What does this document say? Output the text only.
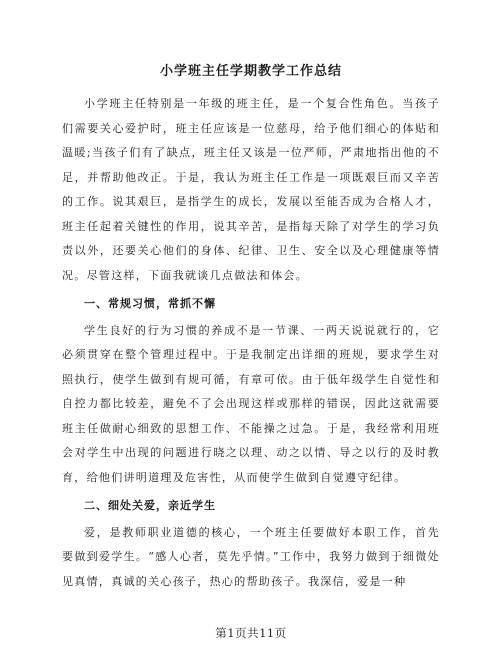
小学班主任学期教学工作总结

小学班主任特别是一年级的班主任，是一个复合性角色。当孩子们需要关心爱护时，班主任应该是一位慈母，给予他们细心的体贴和温暖;当孩子们有了缺点，班主任又该是一位严师，严肃地指出他的不足，并帮助他改正。于是，我认为班主任工作是一项既艰巨而又辛苦的工作。说其艰巨，是指学生的成长，发展以至能否成为合格人才，班主任起着关键性的作用，说其辛苦，是指每天除了对学生的学习负责以外，还要关心他们的身体、纪律、卫生、安全以及心理健康等情况。尽管这样，下面我就谈几点做法和体会。

一、常规习惯，常抓不懈

学生良好的行为习惯的养成不是一节课、一两天说说就行的，它必须贯穿在整个管理过程中。于是我制定出详细的班规，要求学生对照执行，使学生做到有规可循，有章可依。由于低年级学生自觉性和自控力都比较差，避免不了会出现这样或那样的错误，因此这就需要班主任做耐心细致的思想工作、不能操之过急。于是，我经常利用班会对学生中出现的问题进行晓之以理、动之以情、导之以行的及时教育，给他们讲明道理及危害性，从而使学生做到自觉遵守纪律。

二、细处关爱，亲近学生

爱，是教师职业道德的核心，一个班主任要做好本职工作，首先要做到爱学生。“感人心者，莫先乎情。”工作中，我努力做到于细微处见真情，真诚的关心孩子，热心的帮助孩子。我深信，爱是一种

第1页共11页
